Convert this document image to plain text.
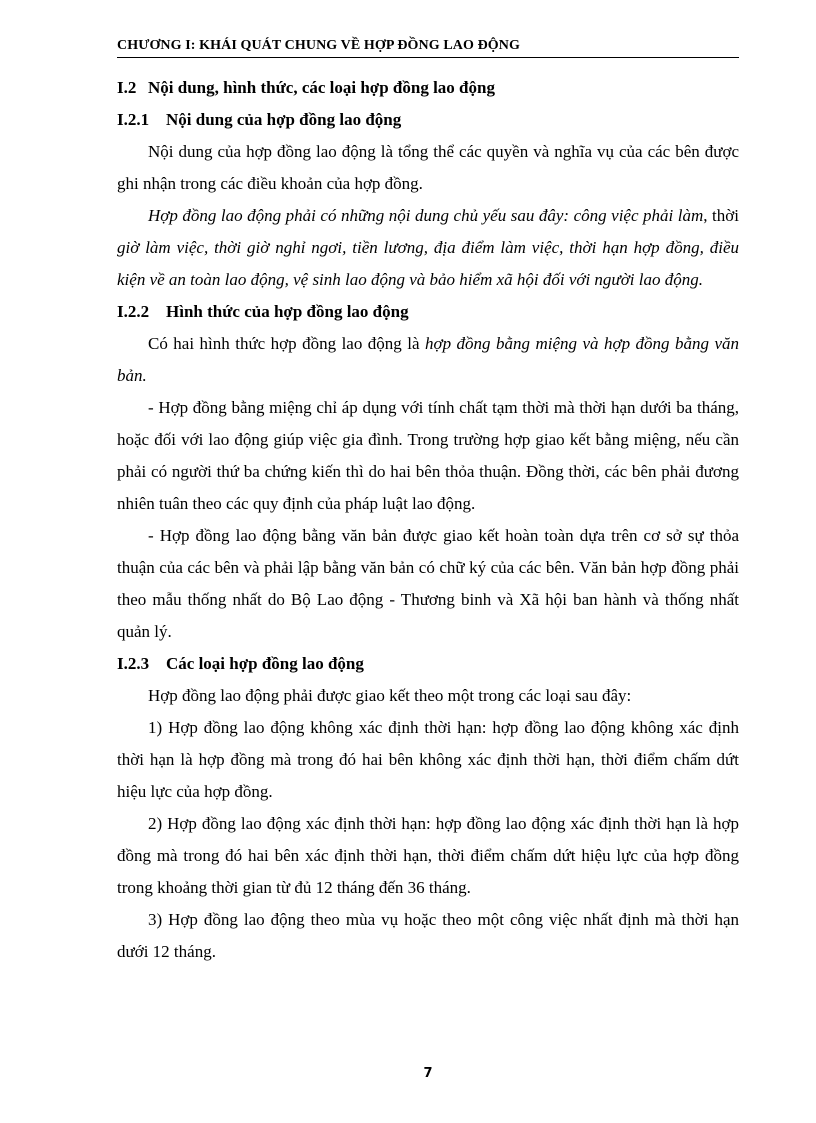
CHƯƠNG I: KHÁI QUÁT CHUNG VỀ HỢP ĐỒNG LAO ĐỘNG
I.2 Nội dung, hình thức, các loại hợp đồng lao động
I.2.1 Nội dung của hợp đồng lao động

Nội dung của hợp đồng lao động là tổng thể các quyền và nghĩa vụ của các bên được ghi nhận trong các điều khoản của hợp đồng.

Hợp đồng lao động phải có những nội dung chủ yếu sau đây: công việc phải làm, thời giờ làm việc, thời giờ nghỉ ngơi, tiền lương, địa điểm làm việc, thời hạn hợp đồng, điều kiện về an toàn lao động, vệ sinh lao động và bảo hiểm xã hội đối với người lao động.

I.2.2 Hình thức của hợp đồng lao động

Có hai hình thức hợp đồng lao động là hợp đồng bằng miệng và hợp đồng bằng văn bản.

- Hợp đồng bằng miệng chỉ áp dụng với tính chất tạm thời mà thời hạn dưới ba tháng, hoặc đối với lao động giúp việc gia đình. Trong trường hợp giao kết bằng miệng, nếu cần phải có người thứ ba chứng kiến thì do hai bên thỏa thuận. Đồng thời, các bên phải đương nhiên tuân theo các quy định của pháp luật lao động.

- Hợp đồng lao động bằng văn bản được giao kết hoàn toàn dựa trên cơ sở sự thỏa thuận của các bên và phải lập bằng văn bản có chữ ký của các bên. Văn bản hợp đồng phải theo mẫu thống nhất do Bộ Lao động - Thương binh và Xã hội ban hành và thống nhất quản lý.

I.2.3 Các loại hợp đồng lao động

Hợp đồng lao động phải được giao kết theo một trong các loại sau đây:

1) Hợp đồng lao động không xác định thời hạn: hợp đồng lao động không xác định thời hạn là hợp đồng mà trong đó hai bên không xác định thời hạn, thời điểm chấm dứt hiệu lực của hợp đồng.

2) Hợp đồng lao động xác định thời hạn: hợp đồng lao động xác định thời hạn là hợp đồng mà trong đó hai bên xác định thời hạn, thời điểm chấm dứt hiệu lực của hợp đồng trong khoảng thời gian từ đủ 12 tháng đến 36 tháng.

3) Hợp đồng lao động theo mùa vụ hoặc theo một công việc nhất định mà thời hạn dưới 12 tháng.

7
